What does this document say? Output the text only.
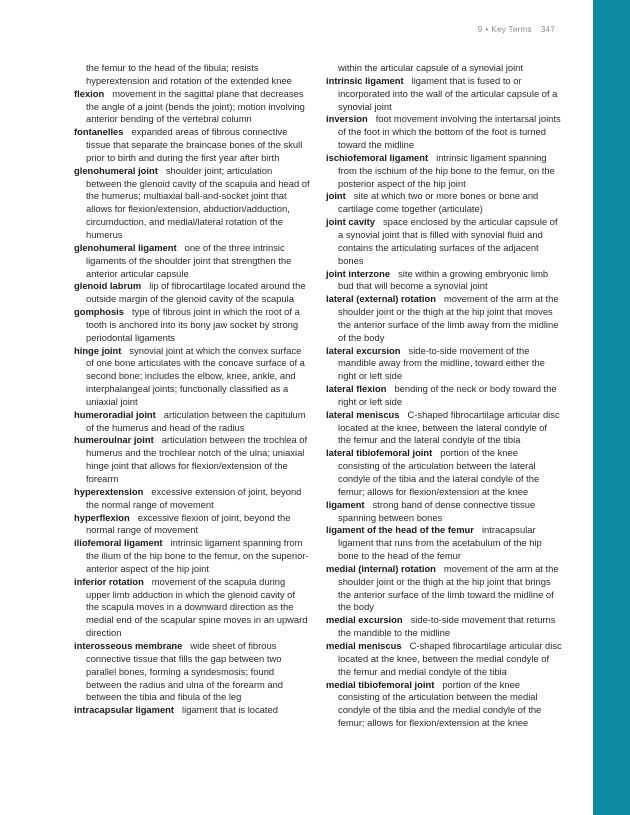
9 • Key Terms 347
the femur to the head of the fibula; resists hyperextension and rotation of the extended knee
flexion movement in the sagittal plane that decreases the angle of a joint (bends the joint); motion involving anterior bending of the vertebral column
fontanelles expanded areas of fibrous connective tissue that separate the braincase bones of the skull prior to birth and during the first year after birth
glenohumeral joint shoulder joint; articulation between the glenoid cavity of the scapula and head of the humerus; multiaxial ball-and-socket joint that allows for flexion/extension, abduction/adduction, circumduction, and medial/lateral rotation of the humerus
glenohumeral ligament one of the three intrinsic ligaments of the shoulder joint that strengthen the anterior articular capsule
glenoid labrum lip of fibrocartilage located around the outside margin of the glenoid cavity of the scapula
gomphosis type of fibrous joint in which the root of a tooth is anchored into its bony jaw socket by strong periodontal ligaments
hinge joint synovial joint at which the convex surface of one bone articulates with the concave surface of a second bone; includes the elbow, knee, ankle, and interphalangeal joints; functionally classified as a uniaxial joint
humeroradial joint articulation between the capitulum of the humerus and head of the radius
humeroulnar joint articulation between the trochlea of humerus and the trochlear notch of the ulna; uniaxial hinge joint that allows for flexion/extension of the forearm
hyperextension excessive extension of joint, beyond the normal range of movement
hyperflexion excessive flexion of joint, beyond the normal range of movement
iliofemoral ligament intrinsic ligament spanning from the ilium of the hip bone to the femur, on the superior-anterior aspect of the hip joint
inferior rotation movement of the scapula during upper limb adduction in which the glenoid cavity of the scapula moves in a downward direction as the medial end of the scapular spine moves in an upward direction
interosseous membrane wide sheet of fibrous connective tissue that fills the gap between two parallel bones, forming a syndesmosis; found between the radius and ulna of the forearm and between the tibia and fibula of the leg
intracapsular ligament ligament that is located
within the articular capsule of a synovial joint
intrinsic ligament ligament that is fused to or incorporated into the wall of the articular capsule of a synovial joint
inversion foot movement involving the intertarsal joints of the foot in which the bottom of the foot is turned toward the midline
ischiofemoral ligament intrinsic ligament spanning from the ischium of the hip bone to the femur, on the posterior aspect of the hip joint
joint site at which two or more bones or bone and cartilage come together (articulate)
joint cavity space enclosed by the articular capsule of a synovial joint that is filled with synovial fluid and contains the articulating surfaces of the adjacent bones
joint interzone site within a growing embryonic limb bud that will become a synovial joint
lateral (external) rotation movement of the arm at the shoulder joint or the thigh at the hip joint that moves the anterior surface of the limb away from the midline of the body
lateral excursion side-to-side movement of the mandible away from the midline, toward either the right or left side
lateral flexion bending of the neck or body toward the right or left side
lateral meniscus C-shaped fibrocartilage articular disc located at the knee, between the lateral condyle of the femur and the lateral condyle of the tibia
lateral tibiofemoral joint portion of the knee consisting of the articulation between the lateral condyle of the tibia and the lateral condyle of the femur; allows for flexion/extension at the knee
ligament strong band of dense connective tissue spanning between bones
ligament of the head of the femur intracapsular ligament that runs from the acetabulum of the hip bone to the head of the femur
medial (internal) rotation movement of the arm at the shoulder joint or the thigh at the hip joint that brings the anterior surface of the limb toward the midline of the body
medial excursion side-to-side movement that returns the mandible to the midline
medial meniscus C-shaped fibrocartilage articular disc located at the knee, between the medial condyle of the femur and medial condyle of the tibia
medial tibiofemoral joint portion of the knee consisting of the articulation between the medial condyle of the tibia and the medial condyle of the femur; allows for flexion/extension at the knee
